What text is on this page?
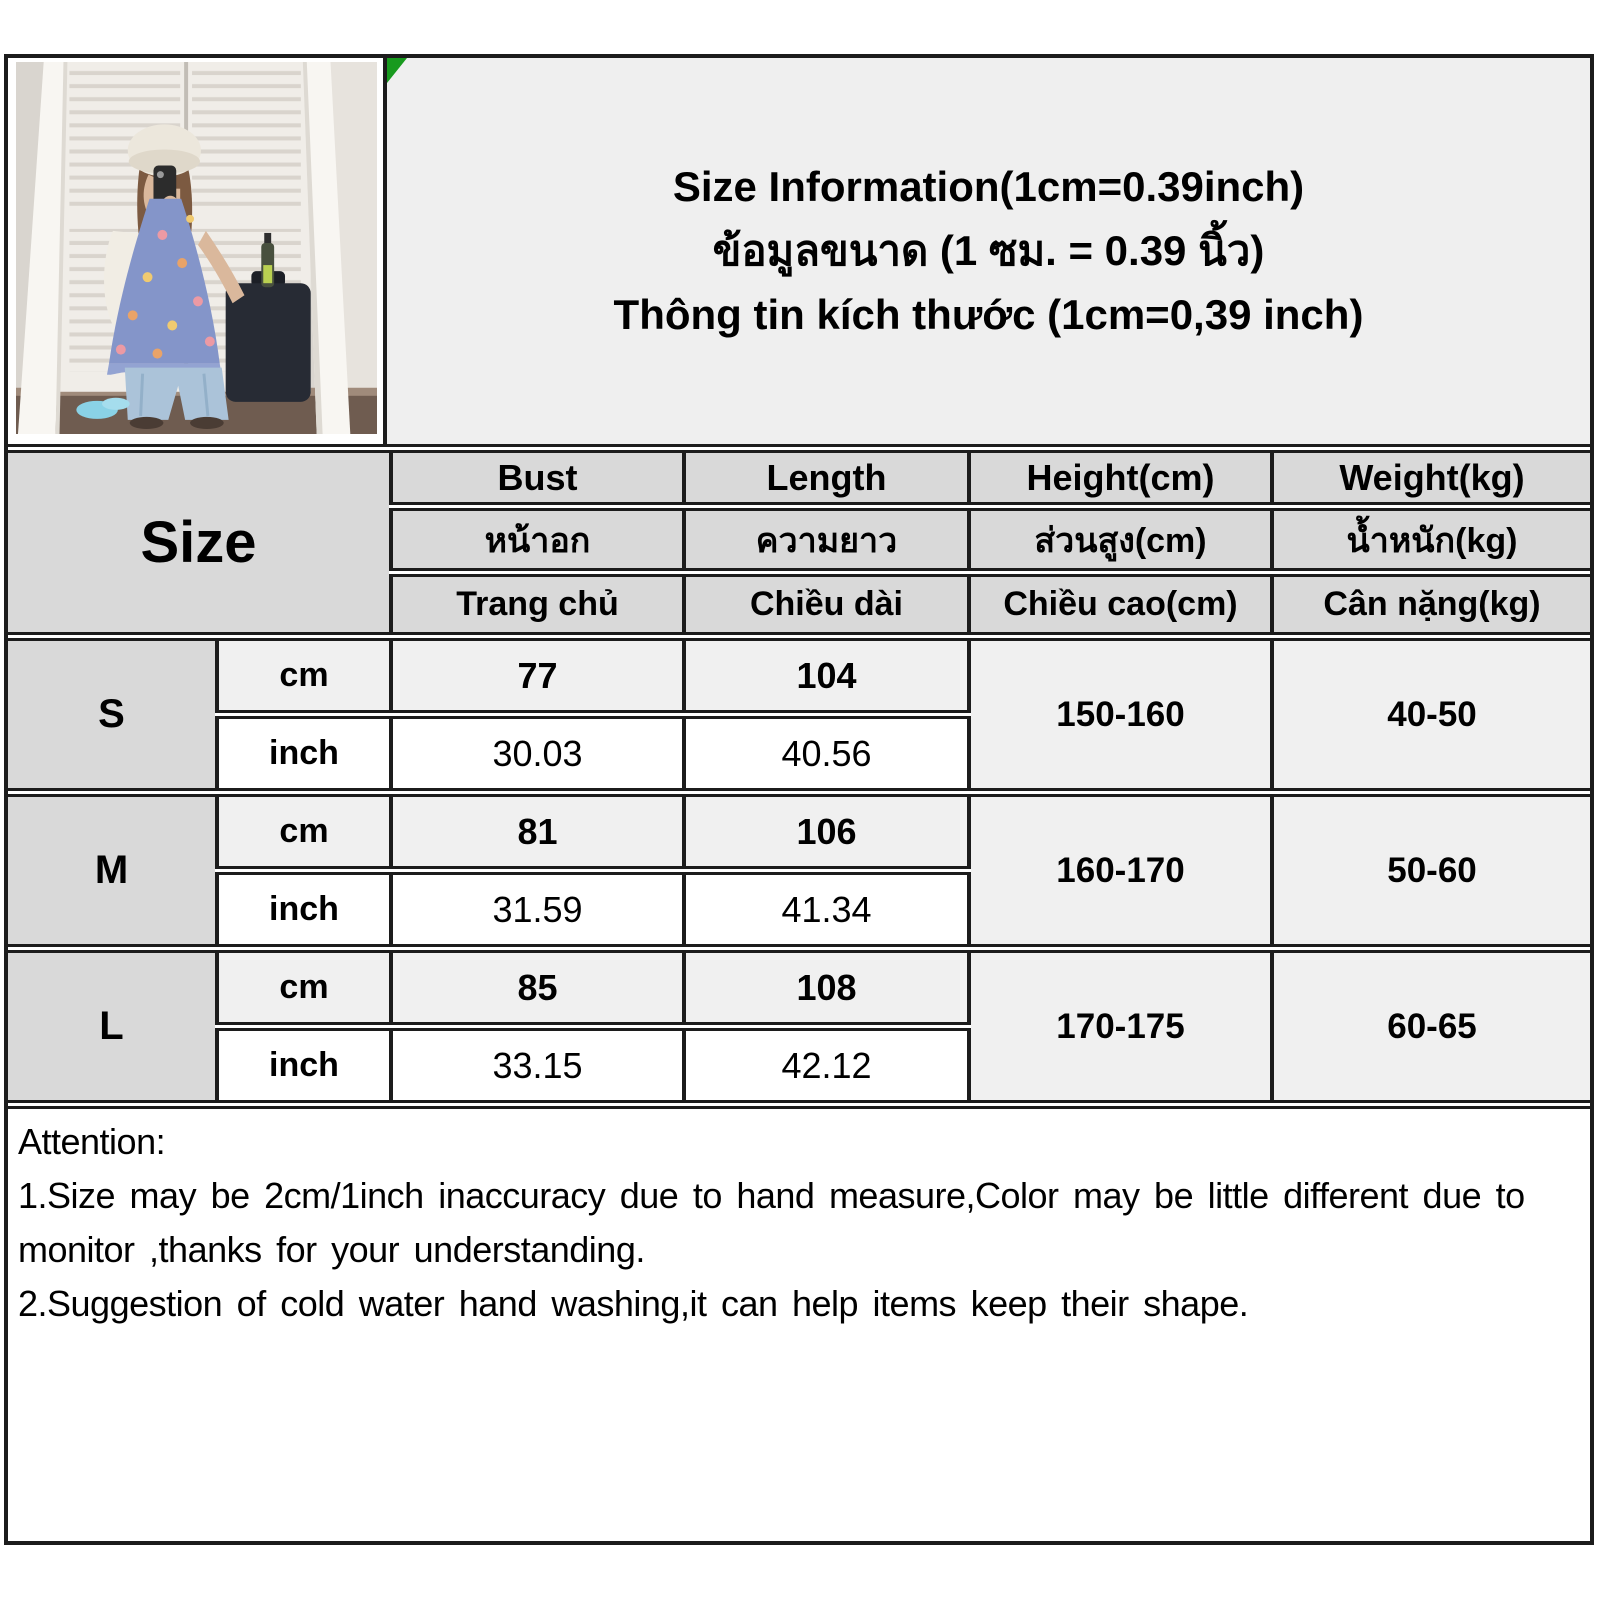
Size Information(1cm=0.39inch)
ข้อมูลขนาด (1 ซม. = 0.39 นิ้ว)
Thông tin kích thước (1cm=0,39 inch)
Size		Bust	Length	Height(cm)	Weight(kg)
		หน้าอก	ความยาว	ส่วนสูง(cm)	น้ำหนัก(kg)
		Trang chủ	Chiều dài	Chiều cao(cm)	Cân nặng(kg)
S	cm	77	104	150-160	40-50
	inch	30.03	40.56		
M	cm	81	106	160-170	50-60
	inch	31.59	41.34		
L	cm	85	108	170-175	60-65
	inch	33.15	42.12		

Attention:

1.Size may be 2cm/1inch inaccuracy due to hand measure,Color may be little different due to monitor ,thanks for your understanding.

2.Suggestion of cold water hand washing,it can help items keep their shape.
